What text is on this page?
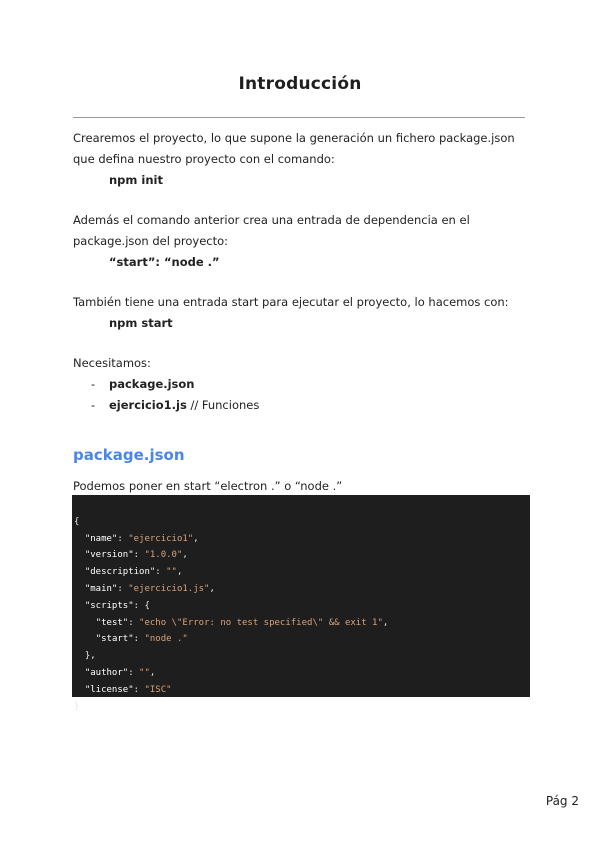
Introducción

Crearemos el proyecto, lo que supone la generación un fichero package.json que defina nuestro proyecto con el comando:

npm init

Además el comando anterior crea una entrada de dependencia en el package.json del proyecto:

“start”: “node .”

También tiene una entrada start para ejecutar el proyecto, lo hacemos con:

npm start

Necesitamos:

- package.json
- ejercicio1.js // Funciones
package.json
Podemos poner en start “electron .” o “node .”

{
"name": "ejercicio1",
"version": "1.0.0",
"description": "",
"main": "ejercicio1.js",
"scripts": {
"test": "echo \"Error: no test specified\" && exit 1",
"start": "node ."
},
"author": "",
"license": "ISC"
}
Pág 2
